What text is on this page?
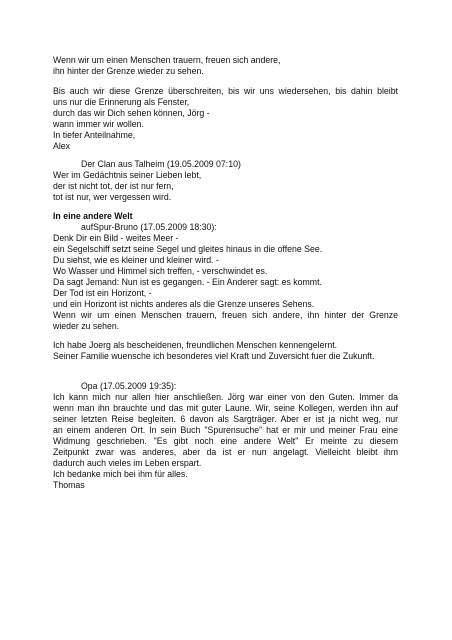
Wenn wir um einen Menschen trauern, freuen sich andere,
ihn hinter der Grenze wieder zu sehen.
Bis auch wir diese Grenze überschreiten, bis wir uns wiedersehen, bis dahin bleibt
uns nur die Erinnerung als Fenster,
durch das wir Dich sehen können, Jörg -
wann immer wir wollen.
In tiefer Anteilnahme,
Alex
Der Clan aus Talheim (19.05.2009 07:10)
Wer im Gedächtnis seiner Lieben lebt,
der ist nicht tot, der ist nur fern,
tot ist nur, wer vergessen wird.
In eine andere Welt
aufSpur-Bruno (17.05.2009 18:30):
Denk Dir ein Bild - weites Meer -
ein Segelschiff setzt seine Segel und gleites hinaus in die offene See.
Du siehst, wie es kleiner und kleiner wird. -
Wo Wasser und Himmel sich treffen, - verschwindet es.
Da sagt Jemand: Nun ist es gegangen. - Ein Anderer sagt: es kommt.
Der Tod ist ein Horizont, -
und ein Horizont ist nichts anderes als die Grenze unseres Sehens.
Wenn wir um einen Menschen trauern, freuen sich andere, ihn hinter der Grenze
wieder zu sehen.
Ich habe Joerg als bescheidenen, freundlichen Menschen kennengelernt.
Seiner Familie wuensche ich besonderes viel Kraft und Zuversicht fuer die Zukunft.
Opa (17.05.2009 19:35):
Ich kann mich nur allen hier anschließen. Jörg war einer von den Guten. Immer da
wenn man ihn brauchte und das mit guter Laune. Wir, seine Kollegen, werden ihn auf
seiner letzten Reise begleiten. 6 davon als Sargträger. Aber er ist ja nicht weg, nur
an einem anderen Ort. In sein Buch "Spurensuche" hat er mir und meiner Frau eine
Widmung geschrieben. "Es gibt noch eine andere Welt" Er meinte zu diesem
Zeitpunkt zwar was anderes, aber da ist er nun angelagt. Vielleicht bleibt ihm
dadurch auch vieles im Leben erspart.
Ich bedanke mich bei ihm für alles.
Thomas
